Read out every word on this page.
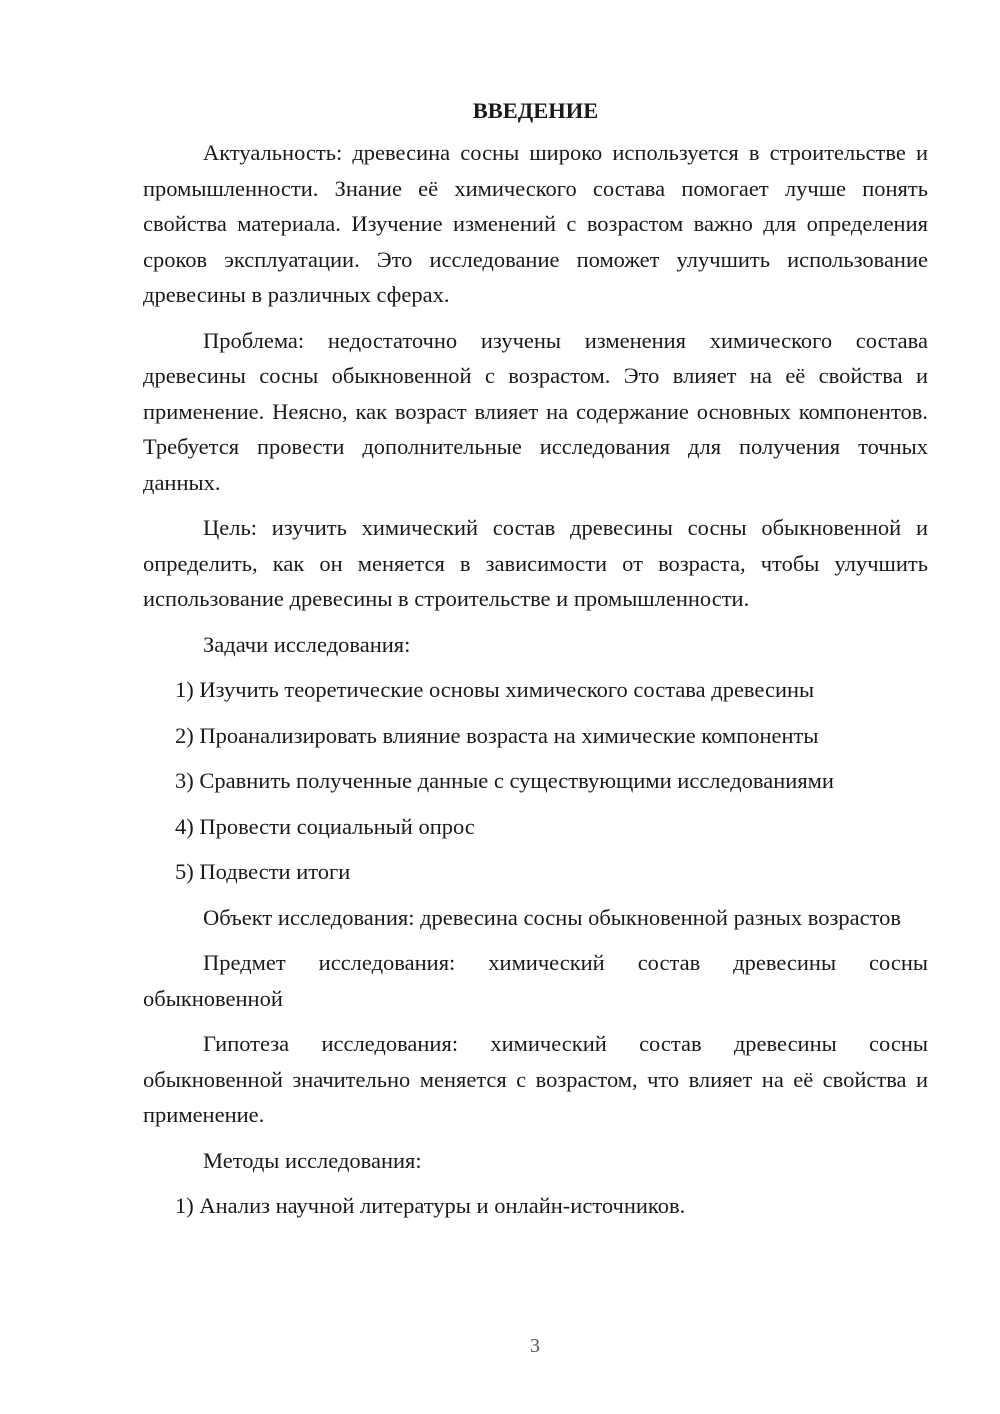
ВВЕДЕНИЕ

Актуальность: древесина сосны широко используется в строительстве и промышленности. Знание её химического состава помогает лучше понять свойства материала. Изучение изменений с возрастом важно для определения сроков эксплуатации. Это исследование поможет улучшить использование древесины в различных сферах.

Проблема: недостаточно изучены изменения химического состава древесины сосны обыкновенной с возрастом. Это влияет на её свойства и применение. Неясно, как возраст влияет на содержание основных компонентов. Требуется провести дополнительные исследования для получения точных данных.

Цель: изучить химический состав древесины сосны обыкновенной и определить, как он меняется в зависимости от возраста, чтобы улучшить использование древесины в строительстве и промышленности.

Задачи исследования:

1) Изучить теоретические основы химического состава древесины
2) Проанализировать влияние возраста на химические компоненты
3) Сравнить полученные данные с существующими исследованиями
4) Провести социальный опрос
5) Подвести итоги

Объект исследования: древесина сосны обыкновенной разных возрастов

Предмет исследования: химический состав древесины сосны обыкновенной

Гипотеза исследования: химический состав древесины сосны обыкновенной значительно меняется с возрастом, что влияет на её свойства и применение.

Методы исследования:

1) Анализ научной литературы и онлайн-источников.
3
